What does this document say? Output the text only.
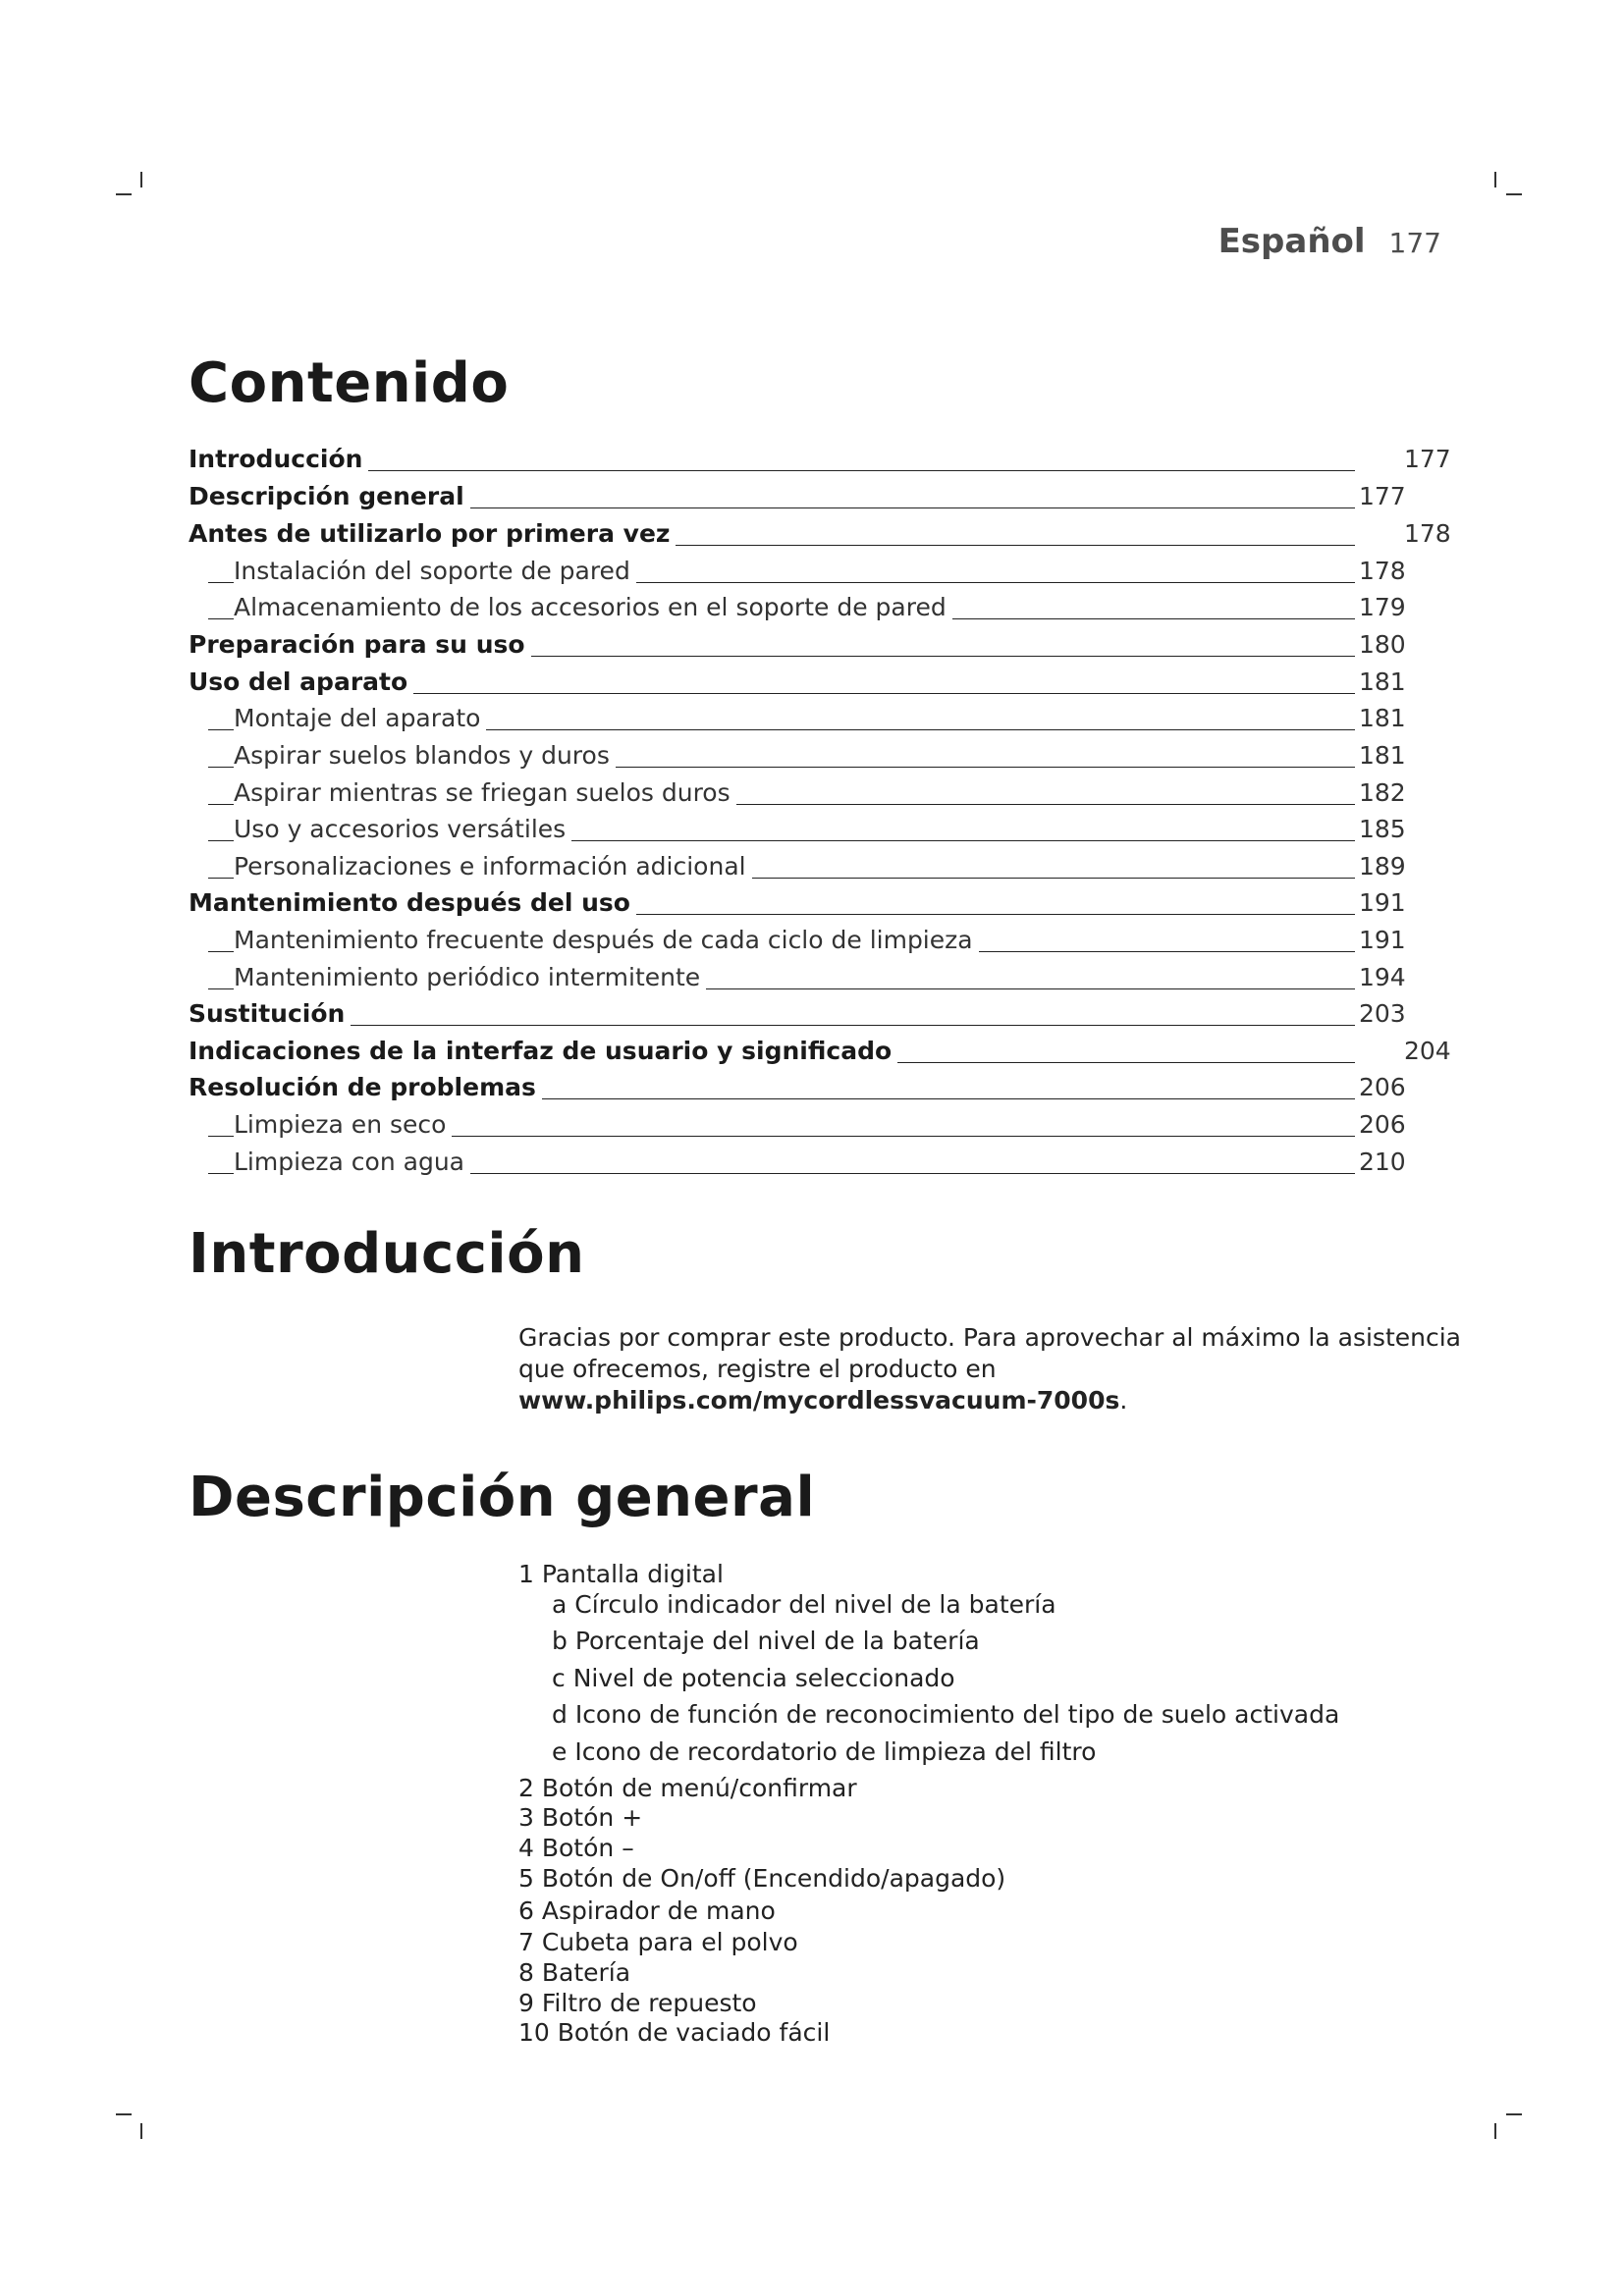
Español 177
Contenido
Introducción	177
Descripción general	177
Antes de utilizarlo por primera vez	178
Instalación del soporte de pared	178
Almacenamiento de los accesorios en el soporte de pared	179
Preparación para su uso	180
Uso del aparato	181
Montaje del aparato	181
Aspirar suelos blandos y duros	181
Aspirar mientras se friegan suelos duros	182
Uso y accesorios versátiles	185
Personalizaciones e información adicional	189
Mantenimiento después del uso	191
Mantenimiento frecuente después de cada ciclo de limpieza	191
Mantenimiento periódico intermitente	194
Sustitución	203
Indicaciones de la interfaz de usuario y significado	204
Resolución de problemas	206
Limpieza en seco	206
Limpieza con agua	210
Introducción
Gracias por comprar este producto. Para aprovechar al máximo la asistencia que ofrecemos, registre el producto en www.philips.com/mycordlessvacuum-7000s.
Descripción general
1 Pantalla digital
a Círculo indicador del nivel de la batería
b Porcentaje del nivel de la batería
c Nivel de potencia seleccionado
d Icono de función de reconocimiento del tipo de suelo activada
e Icono de recordatorio de limpieza del filtro
2 Botón de menú/confirmar
3 Botón +
4 Botón –
5 Botón de On/off (Encendido/apagado)
6 Aspirador de mano
7 Cubeta para el polvo
8 Batería
9 Filtro de repuesto
10 Botón de vaciado fácil
